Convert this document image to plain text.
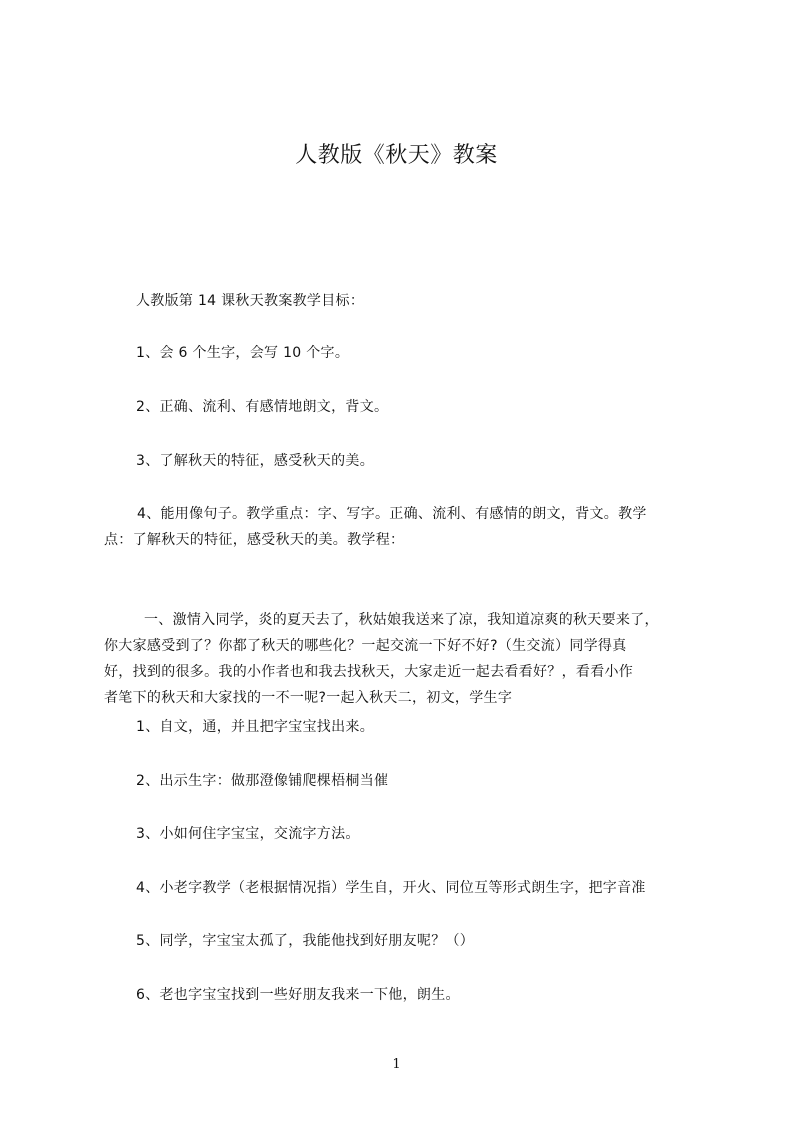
人教版《秋天》教案
人教版第 14 课秋天教案教学目标：
1、会 6 个生字，会写 10 个字。
2、正确、流利、有感情地朗文，背文。
3、了解秋天的特征，感受秋天的美。
4、能用像句子。教学重点：字、写字。正确、流利、有感情的朗文，背文。教学
点：了解秋天的特征，感受秋天的美。教学程：
一、激情入同学，炎的夏天去了，秋姑娘我送来了凉，我知道凉爽的秋天要来了，
你大家感受到了？你都了秋天的哪些化？一起交流一下好不好?（生交流）同学得真
好，找到的很多。我的小作者也和我去找秋天，大家走近一起去看看好？，看看小作
者笔下的秋天和大家找的一不一呢?一起入秋天二，初文，学生字
1、自文，通，并且把字宝宝找出来。
2、出示生字：做那澄像铺爬棵梧桐当催
3、小如何住字宝宝，交流字方法。
4、小老字教学（老根据情况指）学生自，开火、同位互等形式朗生字，把字音准
5、同学，字宝宝太孤了，我能他找到好朋友呢？（）
6、老也字宝宝找到一些好朋友我来一下他，朗生。
1
